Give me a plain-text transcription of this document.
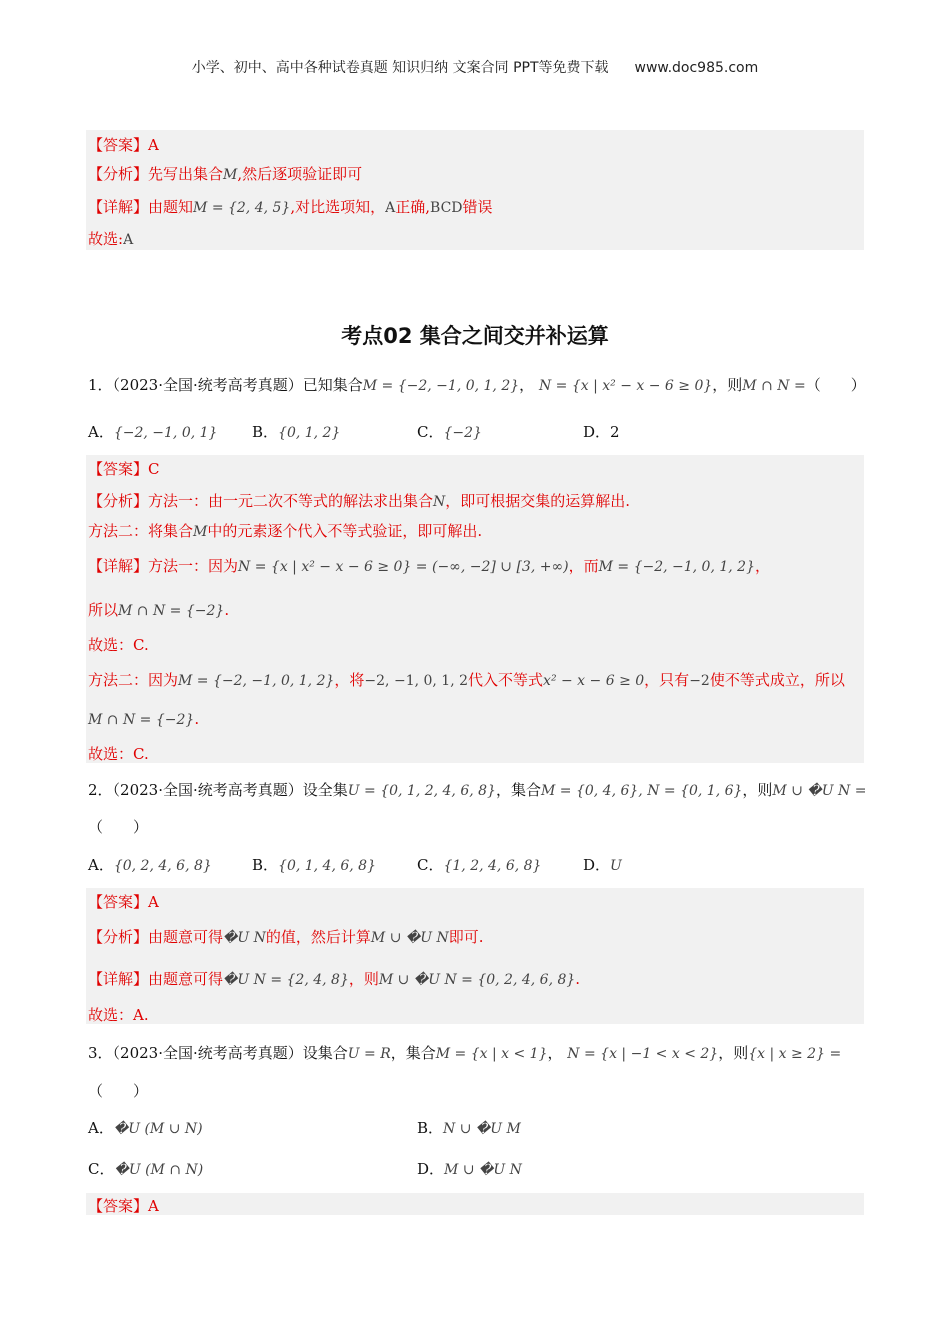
小学、初中、高中各种试卷真题 知识归纳 文案合同 PPT等免费下载 www.doc985.com
【答案】A
【分析】先写出集合M,然后逐项验证即可
【详解】由题知M = {2, 4, 5},对比选项知，A正确,BCD错误
故选:A
考点02 集合之间交并补运算
1．（2023·全国·统考高考真题）已知集合M = {−2, −1, 0, 1, 2}， N = {x | x² − x − 6 ≥ 0}，则M ∩ N =（　　）
A．{−2, −1, 0, 1} B．{0, 1, 2}	C．{−2}	D．2
【答案】C
【分析】方法一：由一元二次不等式的解法求出集合N，即可根据交集的运算解出.
方法二：将集合M中的元素逐个代入不等式验证，即可解出.
【详解】方法一：因为N = {x | x² − x − 6 ≥ 0} = (−∞, −2] ∪ [3, +∞)，而M = {−2, −1, 0, 1, 2}，
所以M ∩ N = {−2}.
故选：C.
方法二：因为M = {−2, −1, 0, 1, 2}，将−2, −1, 0, 1, 2代入不等式x² − x − 6 ≥ 0，只有−2使不等式成立，所以
M ∩ N = {−2}.
故选：C.
2．（2023·全国·统考高考真题）设全集U = {0, 1, 2, 4, 6, 8}，集合M = {0, 4, 6}, N = {0, 1, 6}，则M ∪ �U N =
（　　）
A．{0, 2, 4, 6, 8}	B．{0, 1, 4, 6, 8}	C．{1, 2, 4, 6, 8}	D．U
【答案】A
【分析】由题意可得�U N的值，然后计算M ∪ �U N即可.
【详解】由题意可得�U N = {2, 4, 8}，则M ∪ �U N = {0, 2, 4, 6, 8}.
故选：A.
3．（2023·全国·统考高考真题）设集合U = R，集合M = {x | x < 1}， N = {x | −1 < x < 2}，则{x | x ≥ 2} =
（　　）
A．�U (M ∪ N)	B．N ∪ �U M
C．�U (M ∩ N)	D．M ∪ �U N
【答案】A
